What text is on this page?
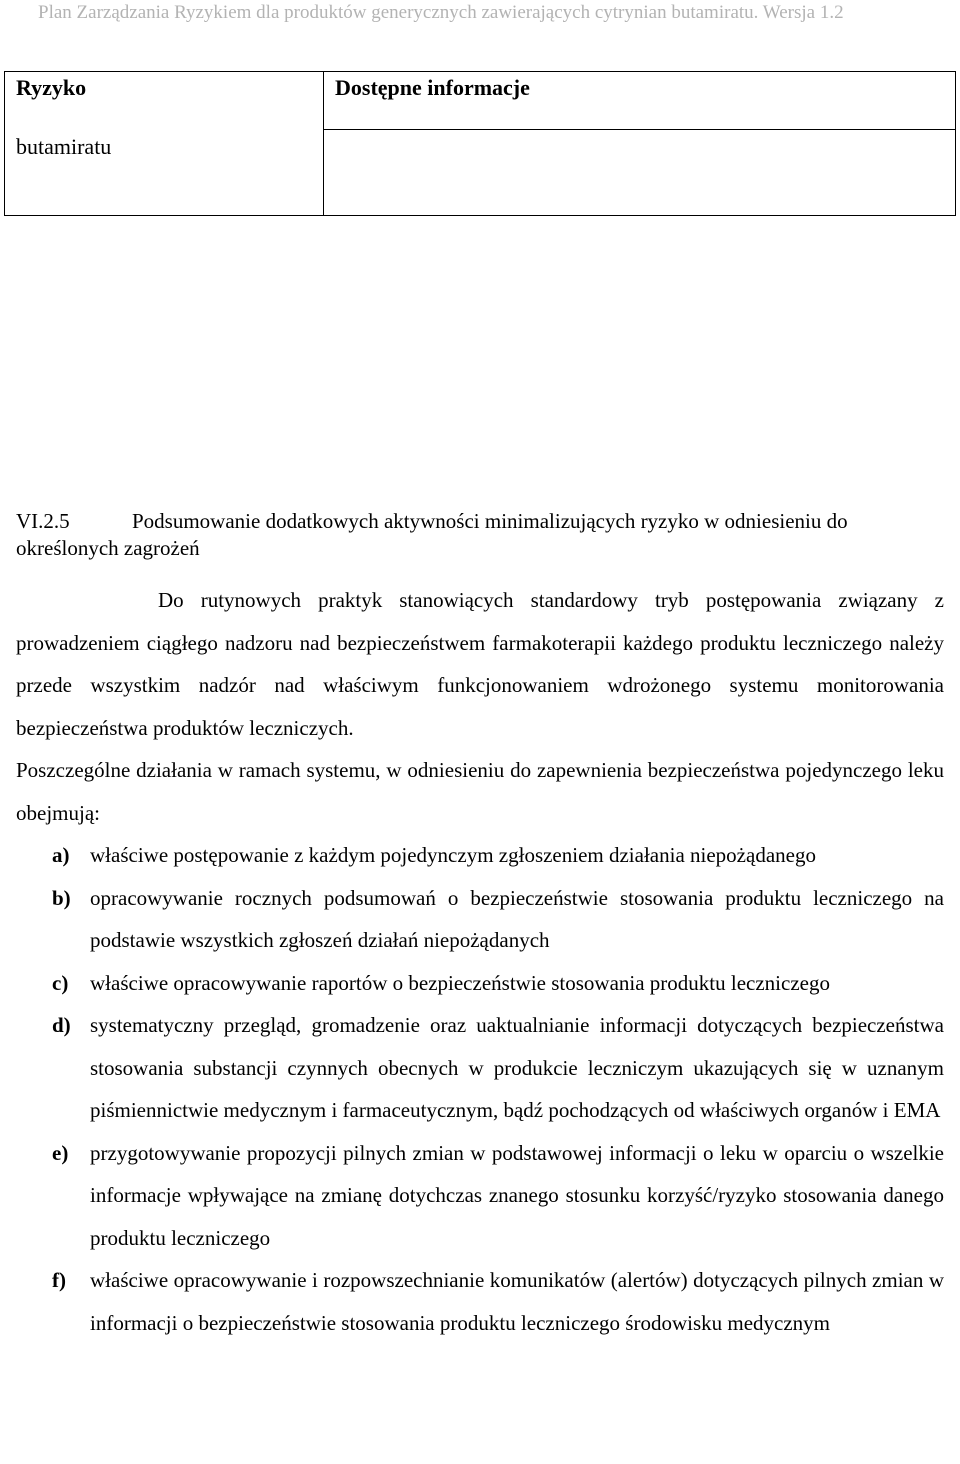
Plan Zarządzania Ryzykiem dla produktów generycznych zawierających cytrynian butamiratu. Wersja 1.2
Ryzyko	Dostępne informacje
butamiratu
VI.2.5	Podsumowanie dodatkowych aktywności minimalizujących ryzyko w odniesieniu do określonych zagrożeń

Do rutynowych praktyk stanowiących standardowy tryb postępowania związany z prowadzeniem ciągłego nadzoru nad bezpieczeństwem farmakoterapii każdego produktu leczniczego należy przede wszystkim nadzór nad właściwym funkcjonowaniem wdrożonego systemu monitorowania bezpieczeństwa produktów leczniczych.

Poszczególne działania w ramach systemu, w odniesieniu do zapewnienia bezpieczeństwa pojedynczego leku obejmują:

a) właściwe postępowanie z każdym pojedynczym zgłoszeniem działania niepożądanego
b) opracowywanie rocznych podsumowań o bezpieczeństwie stosowania produktu leczniczego na podstawie wszystkich zgłoszeń działań niepożądanych
c) właściwe opracowywanie raportów o bezpieczeństwie stosowania produktu leczniczego
d) systematyczny przegląd, gromadzenie oraz uaktualnianie informacji dotyczących bezpieczeństwa stosowania substancji czynnych obecnych w produkcie leczniczym ukazujących się w uznanym piśmiennictwie medycznym i farmaceutycznym, bądź pochodzących od właściwych organów i EMA
e) przygotowywanie propozycji pilnych zmian w podstawowej informacji o leku w oparciu o wszelkie informacje wpływające na zmianę dotychczas znanego stosunku korzyść/ryzyko stosowania danego produktu leczniczego
f) właściwe opracowywanie i rozpowszechnianie komunikatów (alertów) dotyczących pilnych zmian w informacji o bezpieczeństwie stosowania produktu leczniczego środowisku medycznym
